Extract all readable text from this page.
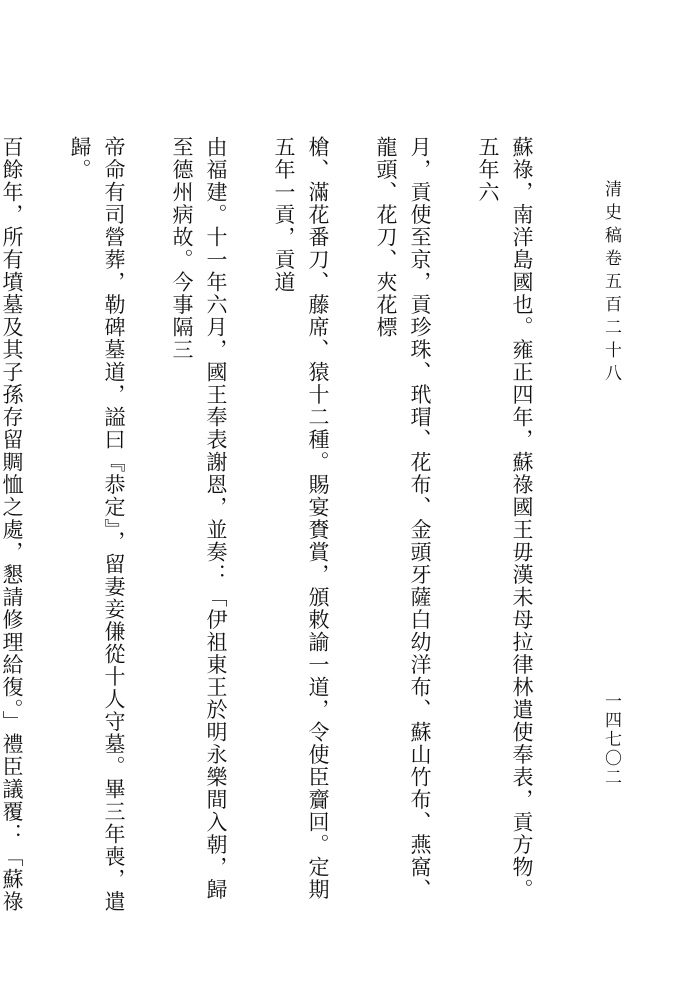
清史稿卷五百二十八
一四七〇二

蘇祿，南洋島國也。雍正四年，蘇祿國王毋漢未母拉律林遣使奉表，貢方物。五年六

月，貢使至京，貢珍珠、玳瑁、花布、金頭牙薩白幼洋布、蘇山竹布、燕窩、龍頭、花刀、夾花標

槍、滿花番刀、藤席、猿十二種。賜宴賚賞，頒敕諭一道，令使臣齎回。定期五年一貢，貢道

由福建。十一年六月，國王奉表謝恩，並奏：「伊祖東王於明永樂間入朝，歸至德州病故。今事隔三

帝命有司營葬，勒碑墓道，謚曰『恭定』，留妻妾傔從十人守墓。畢三年喪，遣歸。

百餘年，所有墳墓及其子孫存留賙恤之處，懇請修理給復。」禮臣議覆：「蘇祿
